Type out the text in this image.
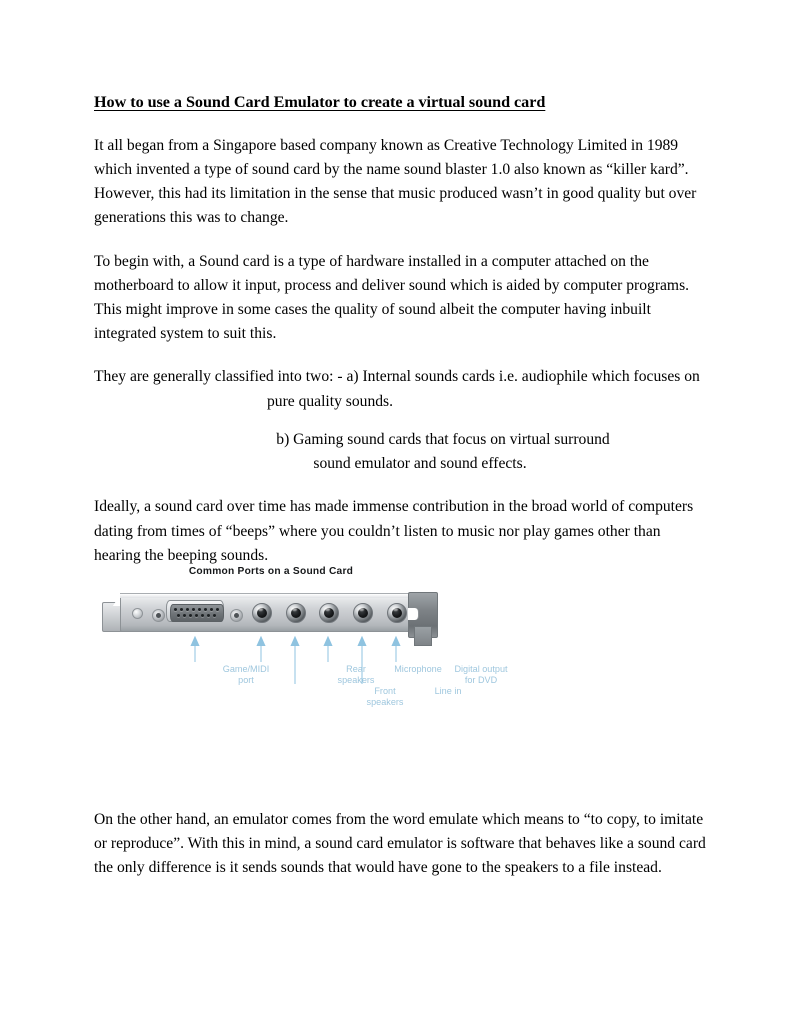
How to use a Sound Card Emulator to create a virtual sound card

It all began from a Singapore based company known as Creative Technology Limited in 1989 which invented a type of sound card by the name sound blaster 1.0 also known as “killer kard”. However, this had its limitation in the sense that music produced wasn’t in good quality but over generations this was to change.

To begin with, a Sound card is a type of hardware installed in a computer attached on the motherboard to allow it input, process and deliver sound which is aided by computer programs. This might improve in some cases the quality of sound albeit the computer having inbuilt integrated system to suit this.

They are generally classified into two: - a) Internal sounds cards i.e. audiophile which focuses on
pure quality sounds.
b) Gaming sound cards that focus on virtual surround
sound emulator and sound effects.

Ideally, a sound card over time has made immense contribution in the broad world of computers dating from times of “beeps” where you couldn’t listen to music nor play games other than hearing the beeping sounds.

Common Ports on a Sound Card
Game/MIDI
port
Rear
speakers
Front
speakers
Microphone
Line in
Digital output
for DVD

On the other hand, an emulator comes from the word emulate which means to “to copy, to imitate or reproduce”. With this in mind, a sound card emulator is software that behaves like a sound card the only difference is it sends sounds that would have gone to the speakers to a file instead.
